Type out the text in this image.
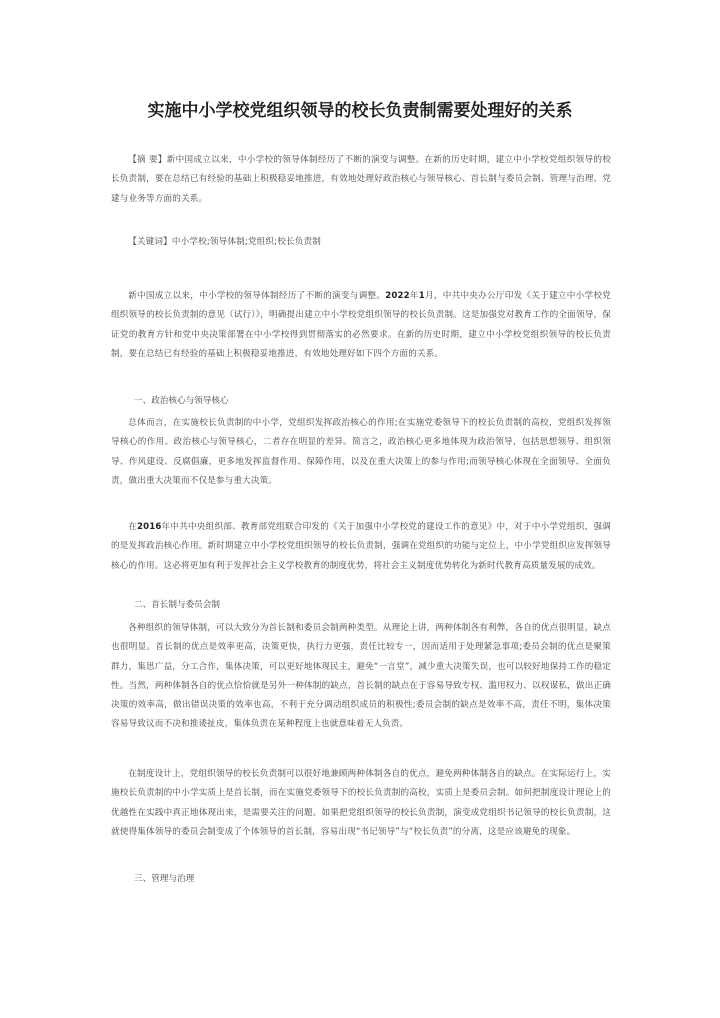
实施中小学校党组织领导的校长负责制需要处理好的关系
【摘 要】新中国成立以来，中小学校的领导体制经历了不断的演变与调整。在新的历史时期，建立中小学校党组织领导的校长负责制，要在总结已有经验的基础上积极稳妥地推进，有效地处理好政治核心与领导核心、首长制与委员会制、管理与治理、党建与业务等方面的关系。
【关键词】中小学校;领导体制;党组织;校长负责制
新中国成立以来，中小学校的领导体制经历了不断的演变与调整。2022年1月，中共中央办公厅印发《关于建立中小学校党组织领导的校长负责制的意见（试行）》，明确提出建立中小学校党组织领导的校长负责制。这是加强党对教育工作的全面领导，保证党的教育方针和党中央决策部署在中小学校得到贯彻落实的必然要求。在新的历史时期，建立中小学校党组织领导的校长负责制，要在总结已有经验的基础上积极稳妥地推进，有效地处理好如下四个方面的关系。
一、政治核心与领导核心
总体而言，在实施校长负责制的中小学，党组织发挥政治核心的作用;在实施党委领导下的校长负责制的高校，党组织发挥领导核心的作用。政治核心与领导核心，二者存在明显的差异。简言之，政治核心更多地体现为政治领导，包括思想领导、组织领导、作风建设、反腐倡廉，更多地发挥监督作用、保障作用，以及在重大决策上的参与作用;而领导核心体现在全面领导、全面负责，做出重大决策而不仅是参与重大决策。
在2016年中共中央组织部、教育部党组联合印发的《关于加强中小学校党的建设工作的意见》中，对于中小学党组织，强调的是发挥政治核心作用。新时期建立中小学校党组织领导的校长负责制，强调在党组织的功能与定位上，中小学党组织应发挥领导核心的作用。这必将更加有利于发挥社会主义学校教育的制度优势，将社会主义制度优势转化为新时代教育高质量发展的成效。
二、首长制与委员会制
各种组织的领导体制，可以大致分为首长制和委员会制两种类型。从理论上讲，两种体制各有利弊，各自的优点很明显，缺点也很明显。首长制的优点是效率更高，决策更快，执行力更强，责任比较专一，因而适用于处理紧急事项;委员会制的优点是聚策群力，集思广益，分工合作，集体决策，可以更好地体现民主，避免“一言堂”，减少重大决策失误，也可以较好地保持工作的稳定性。当然，两种体制各自的优点恰恰就是另外一种体制的缺点，首长制的缺点在于容易导致专权、滥用权力、以权谋私，做出正确决策的效率高，做出错误决策的效率也高，不利于充分调动组织成员的积极性;委员会制的缺点是效率不高，责任不明，集体决策容易导致议而不决和推诿扯皮，集体负责在某种程度上也就意味着无人负责。
在制度设计上，党组织领导的校长负责制可以很好地兼顾两种体制各自的优点，避免两种体制各自的缺点。在实际运行上，实施校长负责制的中小学实质上是首长制，而在实施党委领导下的校长负责制的高校，实质上是委员会制。如何把制度设计理论上的优越性在实践中真正地体现出来，是需要关注的问题。如果把党组织领导的校长负责制，演变成党组织书记领导的校长负责制，这就使得集体领导的委员会制变成了个体领导的首长制，容易出现“书记领导”与“校长负责”的分离，这是应该避免的现象。
三、管理与治理
